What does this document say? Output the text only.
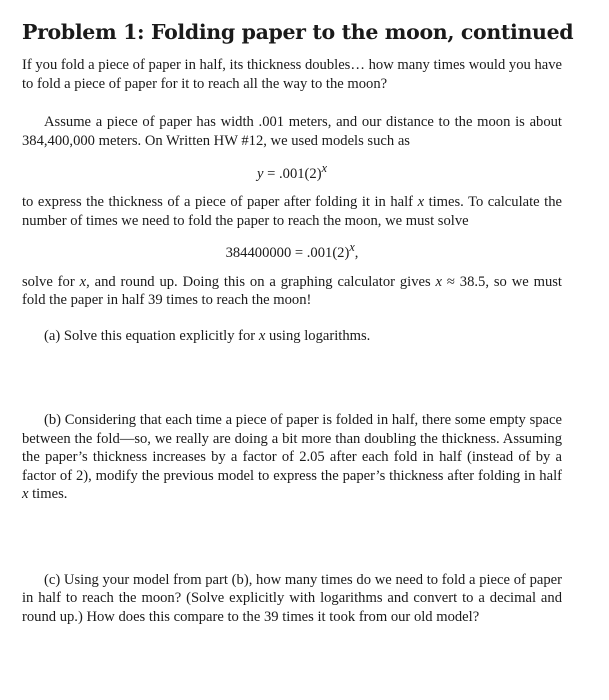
Problem 1: Folding paper to the moon, continued

If you fold a piece of paper in half, its thickness doubles… how many times would you have to fold a piece of paper for it to reach all the way to the moon?

Assume a piece of paper has width .001 meters, and our distance to the moon is about 384,400,000 meters. On Written HW #12, we used models such as

$y = .001(2)^x$

to express the thickness of a piece of paper after folding it in half x times. To calculate the number of times we need to fold the paper to reach the moon, we must solve

$384400000 = .001(2)^x$,

solve for x, and round up. Doing this on a graphing calculator gives x ≈ 38.5, so we must fold the paper in half 39 times to reach the moon!

(a) Solve this equation explicitly for x using logarithms.

(b) Considering that each time a piece of paper is folded in half, there some empty space between the fold—so, we really are doing a bit more than doubling the thickness. Assuming the paper’s thickness increases by a factor of 2.05 after each fold in half (instead of by a factor of 2), modify the previous model to express the paper’s thickness after folding in half x times.

(c) Using your model from part (b), how many times do we need to fold a piece of paper in half to reach the moon? (Solve explicitly with logarithms and convert to a decimal and round up.) How does this compare to the 39 times it took from our old model?
